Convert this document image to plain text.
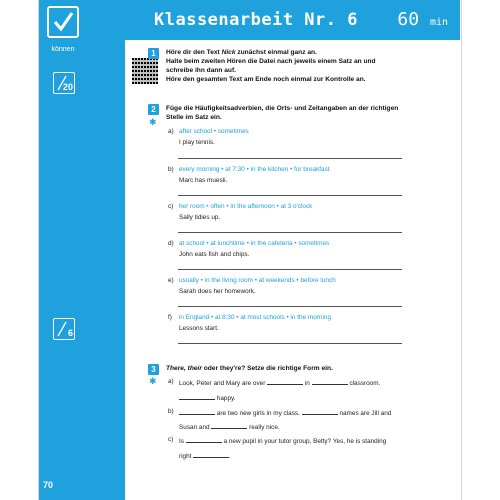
können
20
6
70
Klassenarbeit Nr. 6 60 min
1	Höre dir den Text Nick zunächst einmal ganz an.
Halte beim zweiten Hören die Datei nach jeweils einem Satz an und
schreibe ihn dann auf.
Höre den gesamten Text am Ende noch einmal zur Kontrolle an.
2
✱
Füge die Häufigkeitsadverbien, die Orts- und Zeitangaben an der richtigen
Stelle im Satz ein.
a) after school • sometimes
I play tennis.
b) every morning • at 7:30 • in the kitchen • for breakfast
Marc has muesli.
c) her room • often • in the afternoon • at 3 o'clock
Sally tidies up.
d) at school • at lunchtime • in the cafeteria • sometimes
John eats fish and chips.
e) usually • in the living room • at weekends • before lunch
Sarah does her homework.
f) in England • at 8:30 • at most schools • in the morning
Lessons start.
3
✱
There, their oder they're? Setze die richtige Form ein.
a) Look, Peter and Mary are over	in	classroom.
happy.
b)	are two new girls in my class.	names are Jill and
Susan and	really nice.
c) Is	a new pupil in your tutor group, Betty? Yes, he is standing
right	.
